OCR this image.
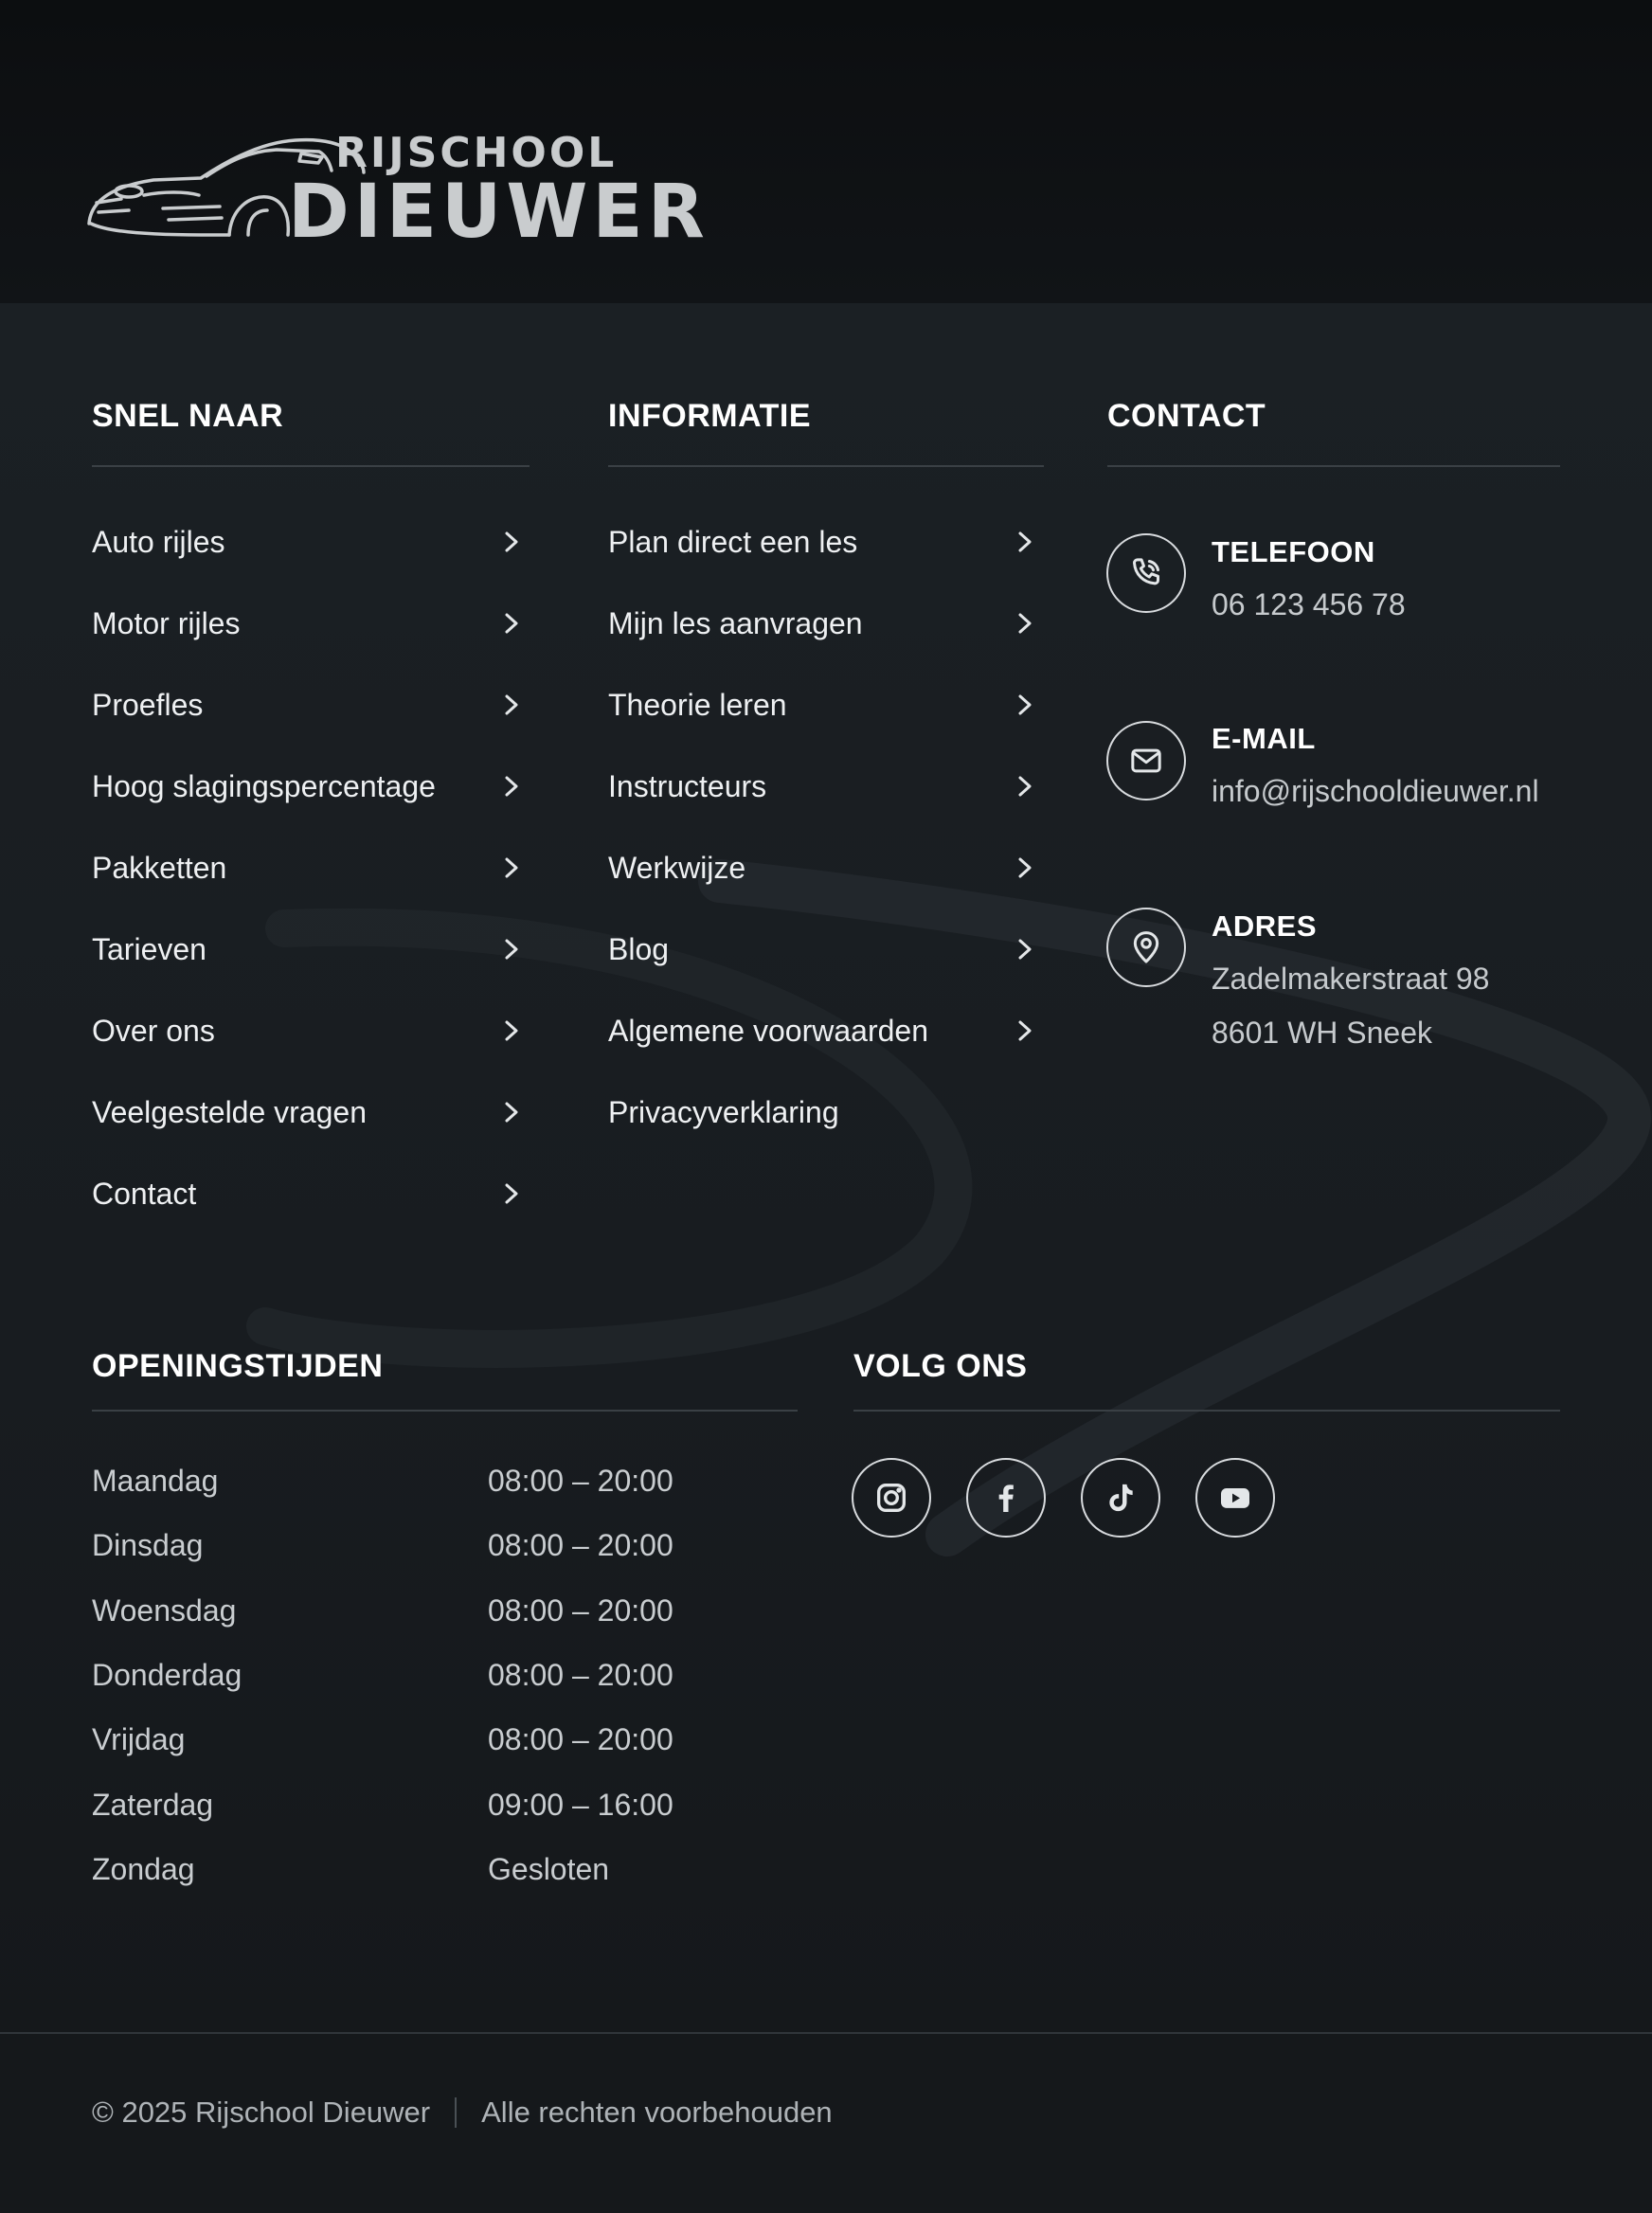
RIJSCHOOL
DIEUWER
SNEL NAAR
Auto rijles
Motor rijles
Proefles
Hoog slagingspercentage
Pakketten
Tarieven
Over ons
Veelgestelde vragen
Contact
INFORMATIE
Plan direct een les
Mijn les aanvragen
Theorie leren
Instructeurs
Werkwijze
Blog
Algemene voorwaarden
Privacyverklaring
CONTACT
TELEFOON
06 123 456 78
E-MAIL
info@rijschooldieuwer.nl
ADRES
Zadelmakerstraat 98
8601 WH Sneek
OPENINGSTIJDEN
Maandag	08:00 – 20:00
Dinsdag	08:00 – 20:00
Woensdag	08:00 – 20:00
Donderdag	08:00 – 20:00
Vrijdag	08:00 – 20:00
Zaterdag	09:00 – 16:00
Zondag	Gesloten
VOLG ONS
© 2025 Rijschool Dieuwer Alle rechten voorbehouden
